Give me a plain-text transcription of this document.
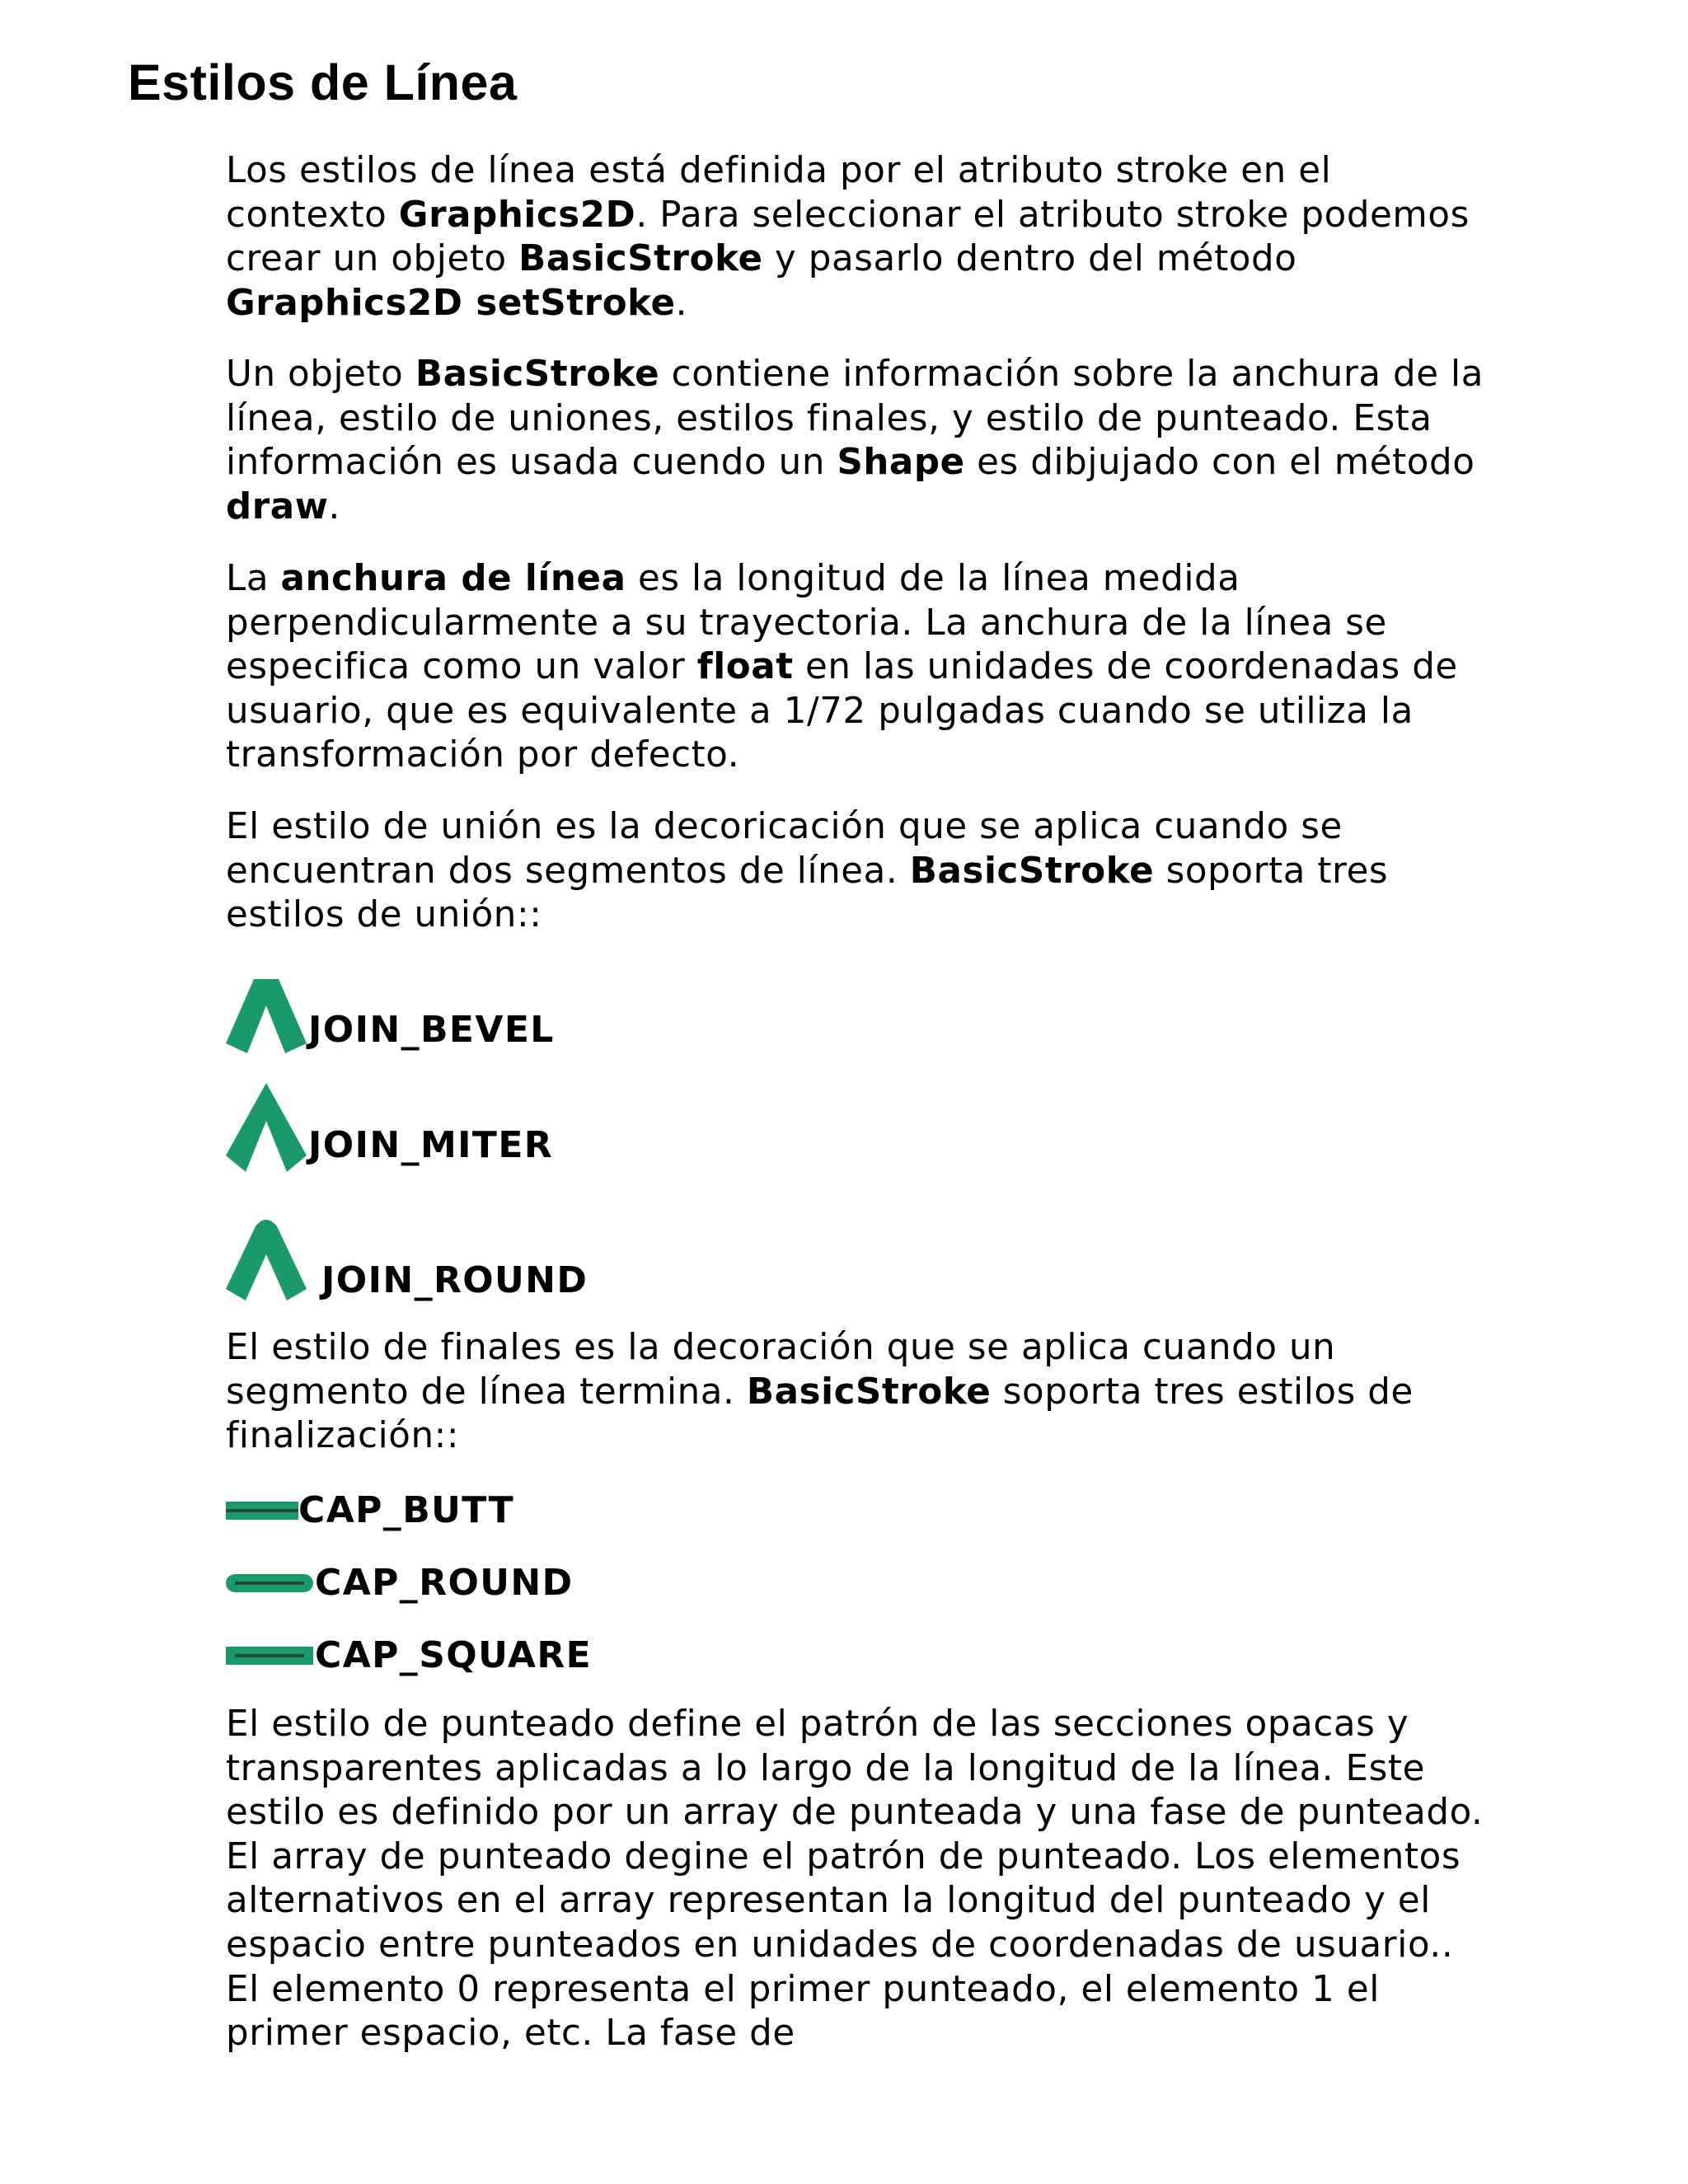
Estilos de Línea

Los estilos de línea está definida por el atributo stroke en el contexto Graphics2D. Para seleccionar el atributo stroke podemos crear un objeto BasicStroke y pasarlo dentro del método Graphics2D setStroke.

Un objeto BasicStroke contiene información sobre la anchura de la línea, estilo de uniones, estilos finales, y estilo de punteado. Esta información es usada cuendo un Shape es dibjujado con el método draw.

La anchura de línea es la longitud de la línea medida perpendicularmente a su trayectoria. La anchura de la línea se especifica como un valor float en las unidades de coordenadas de usuario, que es equivalente a 1/72 pulgadas cuando se utiliza la transformación por defecto.

El estilo de unión es la decoricación que se aplica cuando se encuentran dos segmentos de línea. BasicStroke soporta tres estilos de unión::

JOIN_BEVEL
JOIN_MITER
JOIN_ROUND

El estilo de finales es la decoración que se aplica cuando un segmento de línea termina. BasicStroke soporta tres estilos de finalización::

CAP_BUTT
CAP_ROUND
CAP_SQUARE

El estilo de punteado define el patrón de las secciones opacas y transparentes aplicadas a lo largo de la longitud de la línea. Este estilo es definido por un array de punteada y una fase de punteado. El array de punteado degine el patrón de punteado. Los elementos alternativos en el array representan la longitud del punteado y el espacio entre punteados en unidades de coordenadas de usuario.. El elemento 0 representa el primer punteado, el elemento 1 el primer espacio, etc. La fase de
